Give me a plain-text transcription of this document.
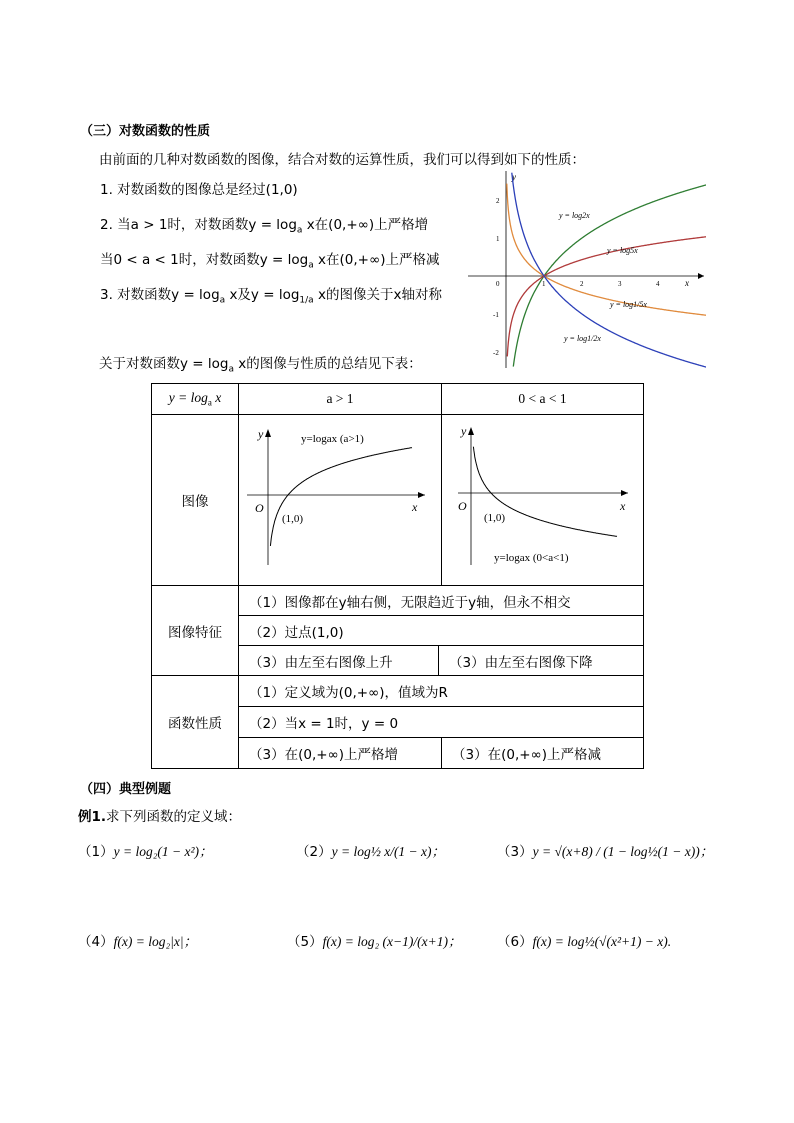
（三）对数函数的性质
由前面的几种对数函数的图像，结合对数的运算性质，我们可以得到如下的性质：
1. 对数函数的图像总是经过(1,0)
2. 当a > 1时，对数函数$y = \log_a x$在(0,+∞)上严格增
当0 < a < 1时，对数函数$y = \log_a x$在(0,+∞)上严格减
3. 对数函数$y = \log_a x$及$y = \log_{1/a} x$的图像关于x轴对称
关于对数函数$y = \log_a x$的图像与性质的总结见下表：
y
x
2
1
-1
-2
0	1	2	3	4
y = log2x
y = log5x
y = log1/5x
y = log1/2x
$y = \log_a x$	a > 1		0 < a < 1
图像	y
x
O
(1,0)
y=logax (a>1)		y
x
O
(1,0)
y=logax (0<a<1)

图像特征	（1）图像都在y轴右侧，无限趋近于y轴，但永不相交		
	（2）过点(1,0)		
	（3）由左至右图像上升	（3）由左至右图像下降	
函数性质	（1）定义域为(0,+∞)，值域为R		
	（2）当x = 1时，y = 0		
	（3）在(0,+∞)上严格增		（3）在(0,+∞)上严格减
（四）典型例题
例1.求下列函数的定义域：
（1）y = log₂(1 − x²)；	（2）y = log½ x/(1 − x)；	（3）y = √(x+8) / (1 − log½(1 − x))；
（4）f(x) = log₂|x|；	（5）f(x) = log₂ (x−1)/(x+1)；	（6）f(x) = log½(√(x²+1) − x).
